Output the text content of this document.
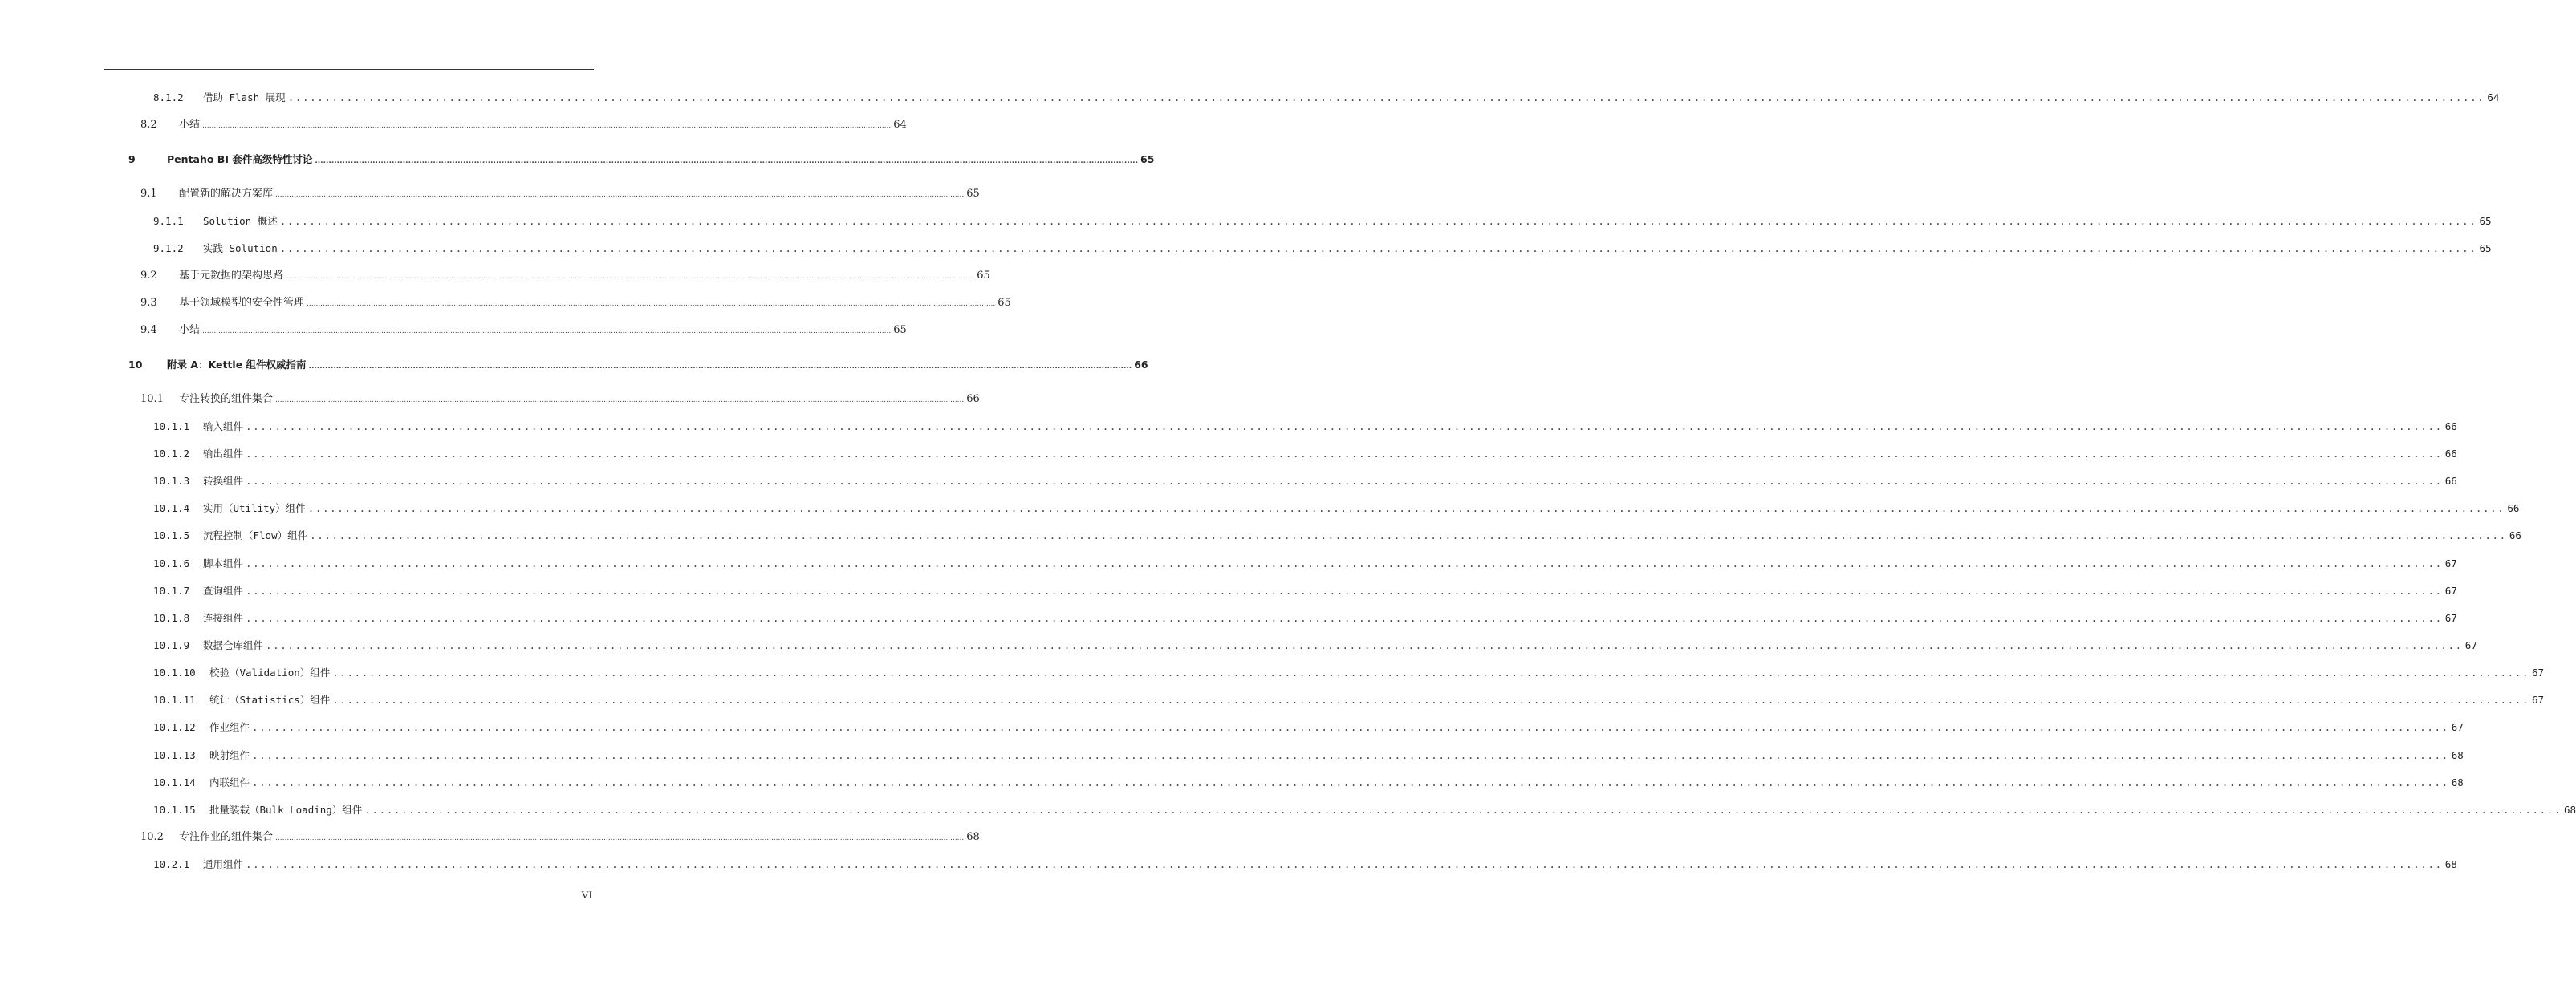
8.1.2	借助 Flash 展现 ............................................................................................................................................................................................................................................................................................................ 64
8.2	小结 ............................................................................................................................................................................................................................................................................................................ 64
9	Pentaho BI 套件高级特性讨论 ............................................................................................................................................................................................................................................................................................................ 65
9.1	配置新的解决方案库 ............................................................................................................................................................................................................................................................................................................ 65
9.1.1	Solution 概述 ............................................................................................................................................................................................................................................................................................................ 65
9.1.2	实践 Solution ............................................................................................................................................................................................................................................................................................................ 65
9.2	基于元数据的架构思路 ............................................................................................................................................................................................................................................................................................................ 65
9.3	基于领域模型的安全性管理 ............................................................................................................................................................................................................................................................................................................ 65
9.4	小结 ............................................................................................................................................................................................................................................................................................................ 65
10	附录 A：Kettle 组件权威指南 ............................................................................................................................................................................................................................................................................................................ 66
10.1	专注转换的组件集合 ............................................................................................................................................................................................................................................................................................................ 66
10.1.1	输入组件 ............................................................................................................................................................................................................................................................................................................ 66
10.1.2	输出组件 ............................................................................................................................................................................................................................................................................................................ 66
10.1.3	转换组件 ............................................................................................................................................................................................................................................................................................................ 66
10.1.4	实用（Utility）组件 ............................................................................................................................................................................................................................................................................................................ 66
10.1.5	流程控制（Flow）组件 ............................................................................................................................................................................................................................................................................................................ 66
10.1.6	脚本组件 ............................................................................................................................................................................................................................................................................................................ 67
10.1.7	查询组件 ............................................................................................................................................................................................................................................................................................................ 67
10.1.8	连接组件 ............................................................................................................................................................................................................................................................................................................ 67
10.1.9	数据仓库组件 ............................................................................................................................................................................................................................................................................................................ 67
10.1.10	校验（Validation）组件 ............................................................................................................................................................................................................................................................................................................ 67
10.1.11	统计（Statistics）组件 ............................................................................................................................................................................................................................................................................................................ 67
10.1.12	作业组件 ............................................................................................................................................................................................................................................................................................................ 67
10.1.13	映射组件 ............................................................................................................................................................................................................................................................................................................ 68
10.1.14	内联组件 ............................................................................................................................................................................................................................................................................................................ 68
10.1.15	批量装载（Bulk Loading）组件 ............................................................................................................................................................................................................................................................................................................ 68
10.2	专注作业的组件集合 ............................................................................................................................................................................................................................................................................................................ 68
10.2.1	通用组件 ............................................................................................................................................................................................................................................................................................................ 68
VI
